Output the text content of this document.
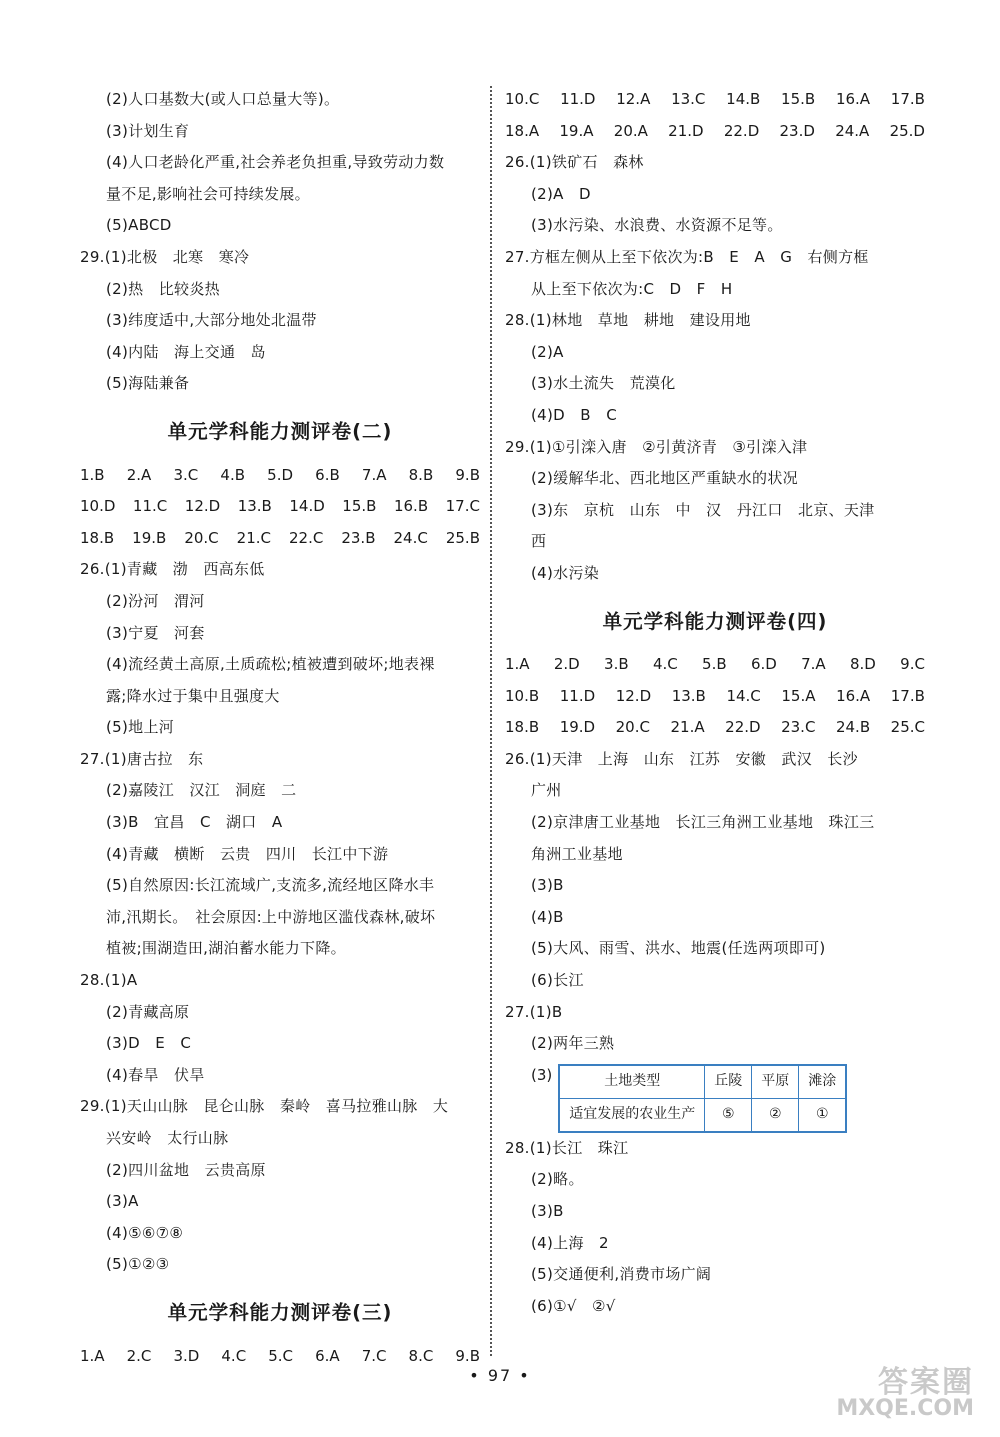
(2)人口基数大(或人口总量大等)。
(3)计划生育
(4)人口老龄化严重,社会养老负担重,导致劳动力数
量不足,影响社会可持续发展。
(5)ABCD
29.(1)北极　北寒　寒冷
(2)热　比较炎热
(3)纬度适中,大部分地处北温带
(4)内陆　海上交通　岛
(5)海陆兼备
单元学科能力测评卷(二)
1.B 2.A 3.C 4.B 5.D 6.B 7.A 8.B 9.B
10.D 11.C 12.D 13.B 14.D 15.B 16.B 17.C
18.B 19.B 20.C 21.C 22.C 23.B 24.C 25.B
26.(1)青藏　渤　西高东低
(2)汾河　渭河
(3)宁夏　河套
(4)流经黄土高原,土质疏松;植被遭到破坏;地表裸
露;降水过于集中且强度大
(5)地上河
27.(1)唐古拉　东
(2)嘉陵江　汉江　洞庭　二
(3)B　宜昌　C　湖口　A
(4)青藏　横断　云贵　四川　长江中下游
(5)自然原因:长江流域广,支流多,流经地区降水丰
沛,汛期长。　社会原因:上中游地区滥伐森林,破坏
植被;围湖造田,湖泊蓄水能力下降。
28.(1)A
(2)青藏高原
(3)D　E　C
(4)春旱　伏旱
29.(1)天山山脉　昆仑山脉　秦岭　喜马拉雅山脉　大
兴安岭　太行山脉
(2)四川盆地　云贵高原
(3)A
(4)⑤⑥⑦⑧
(5)①②③
单元学科能力测评卷(三)
1.A 2.C 3.D 4.C 5.C 6.A 7.C 8.C 9.B
10.C 11.D 12.A 13.C 14.B 15.B 16.A 17.B
18.A 19.A 20.A 21.D 22.D 23.D 24.A 25.D
26.(1)铁矿石　森林
(2)A　D
(3)水污染、水浪费、水资源不足等。
27.方框左侧从上至下依次为:B　E　A　G　右侧方框
从上至下依次为:C　D　F　H
28.(1)林地　草地　耕地　建设用地
(2)A
(3)水土流失　荒漠化
(4)D　B　C
29.(1)①引滦入唐　②引黄济青　③引滦入津
(2)缓解华北、西北地区严重缺水的状况
(3)东　京杭　山东　中　汉　丹江口　北京、天津
西
(4)水污染
单元学科能力测评卷(四)
1.A 2.D 3.B 4.C 5.B 6.D 7.A 8.D 9.C
10.B 11.D 12.D 13.B 14.C 15.A 16.A 17.B
18.B 19.D 20.C 21.A 22.D 23.C 24.B 25.C
26.(1)天津　上海　山东　江苏　安徽　武汉　长沙
广州
(2)京津唐工业基地　长江三角洲工业基地　珠江三
角洲工业基地
(3)B
(4)B
(5)大风、雨雪、洪水、地震(任选两项即可)
(6)长江
27.(1)B
(2)两年三熟
(3)	土地类型	丘陵	平原	滩涂
适宜发展的农业生产	⑤	②	①
28.(1)长江　珠江
(2)略。
(3)B
(4)上海　2
(5)交通便利,消费市场广阔
(6)①√　②√
• 97 •	答案圈
MXQE.COM
